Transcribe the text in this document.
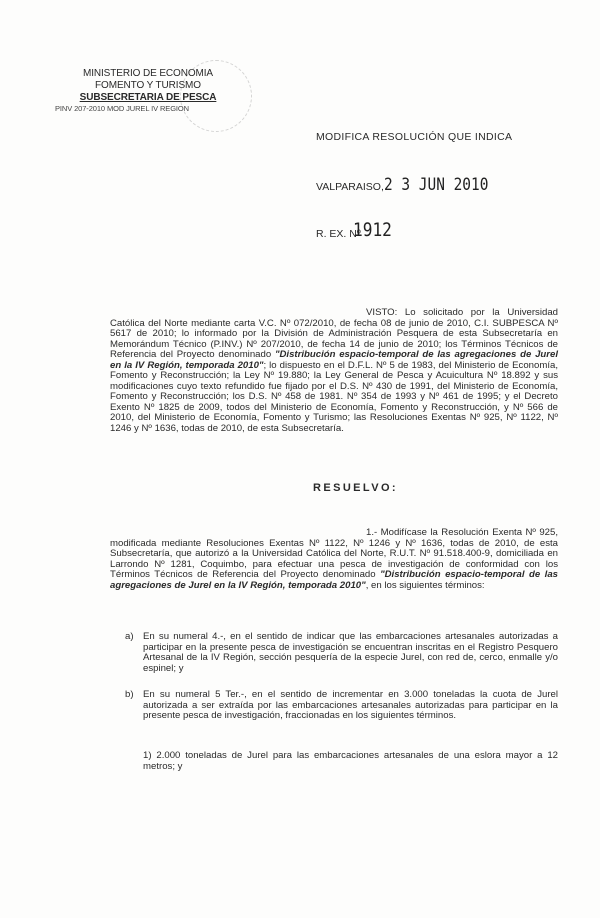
MINISTERIO DE ECONOMIA
FOMENTO Y TURISMO
SUBSECRETARIA DE PESCA
PINV 207-2010 MOD JUREL IV REGION
MODIFICA RESOLUCIÓN QUE INDICA
VALPARAISO, 2 3 JUN 2010
R. EX. Nº
1912
VISTO: Lo solicitado por la Universidad Católica del Norte mediante carta V.C. Nº 072/2010, de fecha 08 de junio de 2010, C.I. SUBPESCA Nº 5617 de 2010; lo informado por la División de Administración Pesquera de esta Subsecretaría en Memorándum Técnico (P.INV.) Nº 207/2010, de fecha 14 de junio de 2010; los Términos Técnicos de Referencia del Proyecto denominado "Distribución espacio-temporal de las agregaciones de Jurel en la IV Región, temporada 2010"; lo dispuesto en el D.F.L. Nº 5 de 1983, del Ministerio de Economía, Fomento y Reconstrucción; la Ley Nº 19.880; la Ley General de Pesca y Acuicultura Nº 18.892 y sus modificaciones cuyo texto refundido fue fijado por el D.S. Nº 430 de 1991, del Ministerio de Economía, Fomento y Reconstrucción; los D.S. Nº 458 de 1981. Nº 354 de 1993 y Nº 461 de 1995; y el Decreto Exento Nº 1825 de 2009, todos del Ministerio de Economía, Fomento y Reconstrucción, y Nº 566 de 2010, del Ministerio de Economía, Fomento y Turismo; las Resoluciones Exentas Nº 925, Nº 1122, Nº 1246 y Nº 1636, todas de 2010, de esta Subsecretaría.
RESUELVO:
1.- Modifícase la Resolución Exenta Nº 925, modificada mediante Resoluciones Exentas Nº 1122, Nº 1246 y Nº 1636, todas de 2010, de esta Subsecretaría, que autorizó a la Universidad Católica del Norte, R.U.T. Nº 91.518.400-9, domiciliada en Larrondo Nº 1281, Coquimbo, para efectuar una pesca de investigación de conformidad con los Términos Técnicos de Referencia del Proyecto denominado "Distribución espacio-temporal de las agregaciones de Jurel en la IV Región, temporada 2010", en los siguientes términos:
a) En su numeral 4.-, en el sentido de indicar que las embarcaciones artesanales autorizadas a participar en la presente pesca de investigación se encuentran inscritas en el Registro Pesquero Artesanal de la IV Región, sección pesquería de la especie Jurel, con red de, cerco, enmalle y/o espinel; y
b) En su numeral 5 Ter.-, en el sentido de incrementar en 3.000 toneladas la cuota de Jurel autorizada a ser extraída por las embarcaciones artesanales autorizadas para participar en la presente pesca de investigación, fraccionadas en los siguientes términos.
1) 2.000 toneladas de Jurel para las embarcaciones artesanales de una eslora mayor a 12 metros; y
